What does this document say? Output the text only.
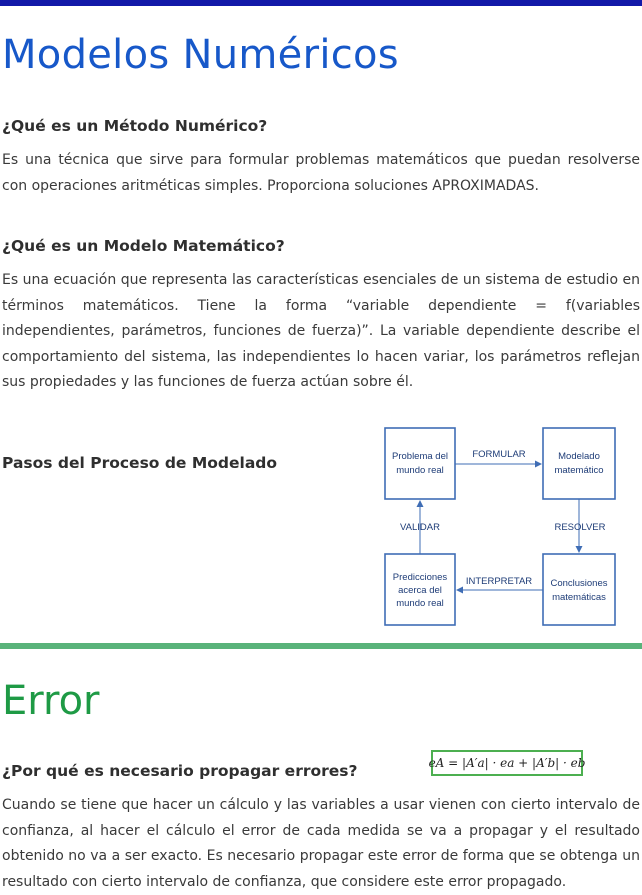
Modelos Numéricos
¿Qué es un Método Numérico?

Es una técnica que sirve para formular problemas matemáticos que puedan resolverse con operaciones aritméticas simples. Proporciona soluciones APROXIMADAS.

¿Qué es un Modelo Matemático?

Es una ecuación que representa las características esenciales de un sistema de estudio en términos matemáticos. Tiene la forma “variable dependiente = f(variables independientes, parámetros, funciones de fuerza)”. La variable dependiente describe el comportamiento del sistema, las independientes lo hacen variar, los parámetros reflejan sus propiedades y las funciones de fuerza actúan sobre él.

Pasos del Proceso de Modelado	Problema del
mundo real
Modelado
matemático
Predicciones
acerca del
mundo real
Conclusiones
matemáticas
FORMULAR
RESOLVER
INTERPRETAR
VALIDAR
Error
¿Por qué es necesario propagar errores?	eA = |A′a| · ea + |A′b| · eb

Cuando se tiene que hacer un cálculo y las variables a usar vienen con cierto intervalo de confianza, al hacer el cálculo el error de cada medida se va a propagar y el resultado obtenido no va a ser exacto. Es necesario propagar este error de forma que se obtenga un resultado con cierto intervalo de confianza, que considere este error propagado.
